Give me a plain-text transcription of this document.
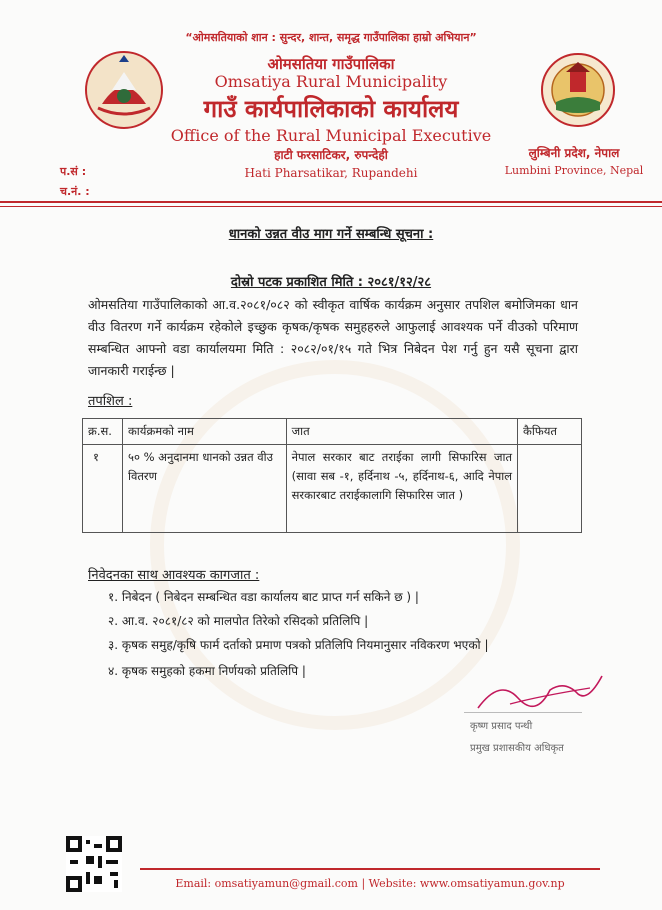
“ओमसतियाको शान : सुन्दर, शान्त, समृद्ध गाउँपालिका हाम्रो अभियान”
ओमसतिया गाउँपालिका
Omsatiya Rural Municipality
गाउँ कार्यपालिकाको कार्यालय
Office of the Rural Municipal Executive
हाटी फरसाटिकर, रुपन्देही
Hati Pharsatikar, Rupandehi
लुम्बिनी प्रदेश, नेपाल
Lumbini Province, Nepal
प.सं :
च.नं. :
धानको उन्नत वीउ माग गर्ने सम्बन्धि सूचना :
दोस्रो पटक प्रकाशित मिति : २०८१/१२/२८
ओमसतिया गाउँपालिकाको आ.व.२०८१/०८२ को स्वीकृत वार्षिक कार्यक्रम अनुसार तपशिल बमोजिमका धान वीउ वितरण गर्ने कार्यक्रम रहेकोले इच्छुक कृषक/कृषक समुहहरुले आफुलाई आवश्यक पर्ने वीउको परिमाण सम्बन्धित आफ्नो वडा कार्यालयमा मिति : २०८२/०१/१५ गते भित्र निबेदन पेश गर्नु हुन यसै सूचना द्वारा जानकारी गराईन्छ |
तपशिल :
क्र.स.	कार्यक्रमको नाम	जात	कैफियत
१	५० % अनुदानमा धानको उन्नत वीउ वितरण	नेपाल सरकार बाट तराईका लागी सिफारिस जात (सावा सब -१, हर्दिनाथ -५, हर्दिनाथ-६, आदि नेपाल सरकारबाट तराईकालागि सिफारिस जात )	
निवेदनका साथ आवश्यक कागजात :
१. निबेदन ( निबेदन सम्बन्धित वडा कार्यालय बाट प्राप्त गर्न सकिने छ ) |
२. आ.व. २०८१/८२ को मालपोत तिरेको रसिदको प्रतिलिपि |
३. कृषक समुह/कृषि फार्म दर्ताको प्रमाण पत्रको प्रतिलिपि नियमानुसार नविकरण भएको |
४. कृषक समुहको हकमा निर्णयको प्रतिलिपि |
कृष्ण प्रसाद पन्थी
प्रमुख प्रशासकीय अधिकृत
Email: omsatiyamun@gmail.com | Website: www.omsatiyamun.gov.np
